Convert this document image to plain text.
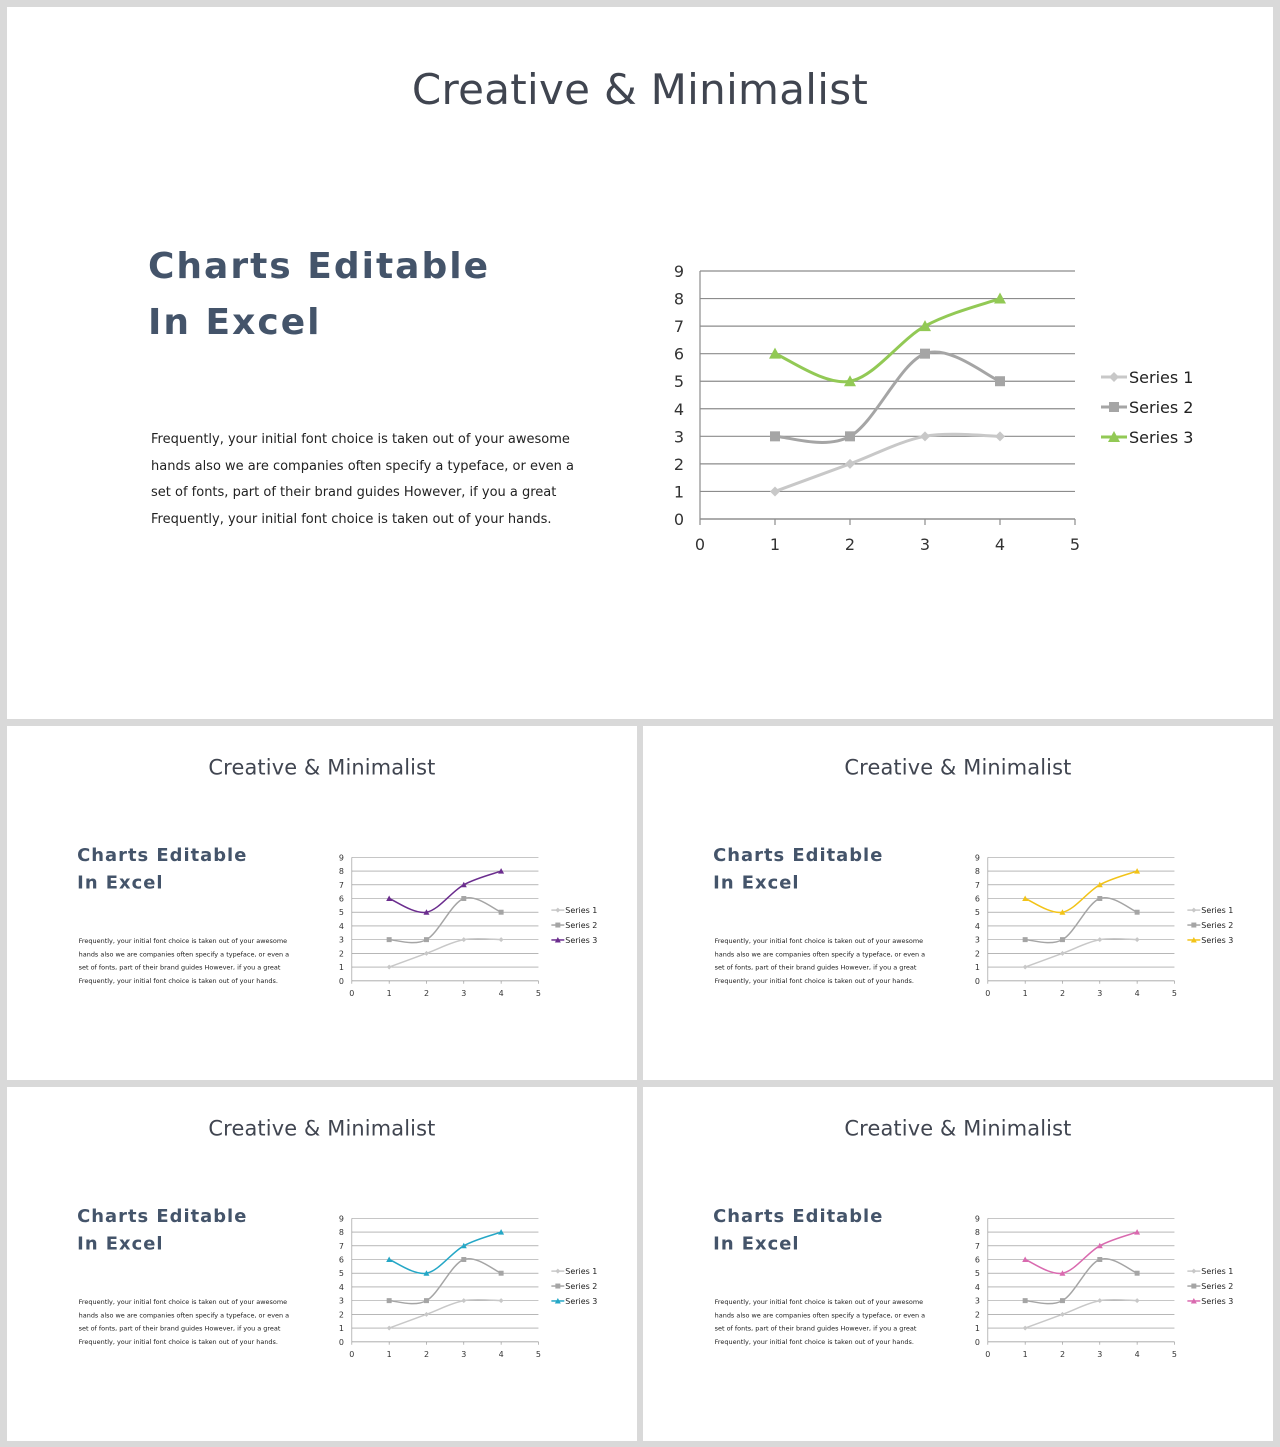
Creative & Minimalist
Charts Editable
In Excel
Frequently, your initial font choice is taken out of your awesome
hands also we are companies often specify a typeface, or even a
set of fonts, part of their brand guides However, if you a great
Frequently, your initial font choice is taken out of your hands.	0
1
2
3
4
5
6
7
8
9
0	1	2	3	4	5
Series 1
Series 2
Series 3
Creative & Minimalist
Charts Editable
In Excel
Frequently, your initial font choice is taken out of your awesome
hands also we are companies often specify a typeface, or even a
set of fonts, part of their brand guides However, if you a great
Frequently, your initial font choice is taken out of your hands.	0
1
2
3
4
5
6
7
8
9
0 1 2 3 4 5
Series 1
Series 2
Series 3
Creative & Minimalist
Charts Editable
In Excel
Frequently, your initial font choice is taken out of your awesome
hands also we are companies often specify a typeface, or even a
set of fonts, part of their brand guides However, if you a great
Frequently, your initial font choice is taken out of your hands.	0
1
2
3
4
5
6
7
8
9
0 1 2 3 4 5
Series 1
Series 2
Series 3
Creative & Minimalist
Charts Editable
In Excel
Frequently, your initial font choice is taken out of your awesome
hands also we are companies often specify a typeface, or even a
set of fonts, part of their brand guides However, if you a great
Frequently, your initial font choice is taken out of your hands.	0
1
2
3
4
5
6
7
8
9
0 1 2 3 4 5
Series 1
Series 2
Series 3
Creative & Minimalist
Charts Editable
In Excel
Frequently, your initial font choice is taken out of your awesome
hands also we are companies often specify a typeface, or even a
set of fonts, part of their brand guides However, if you a great
Frequently, your initial font choice is taken out of your hands.	0
1
2
3
4
5
6
7
8
9
0 1 2 3 4 5
Series 1
Series 2
Series 3
